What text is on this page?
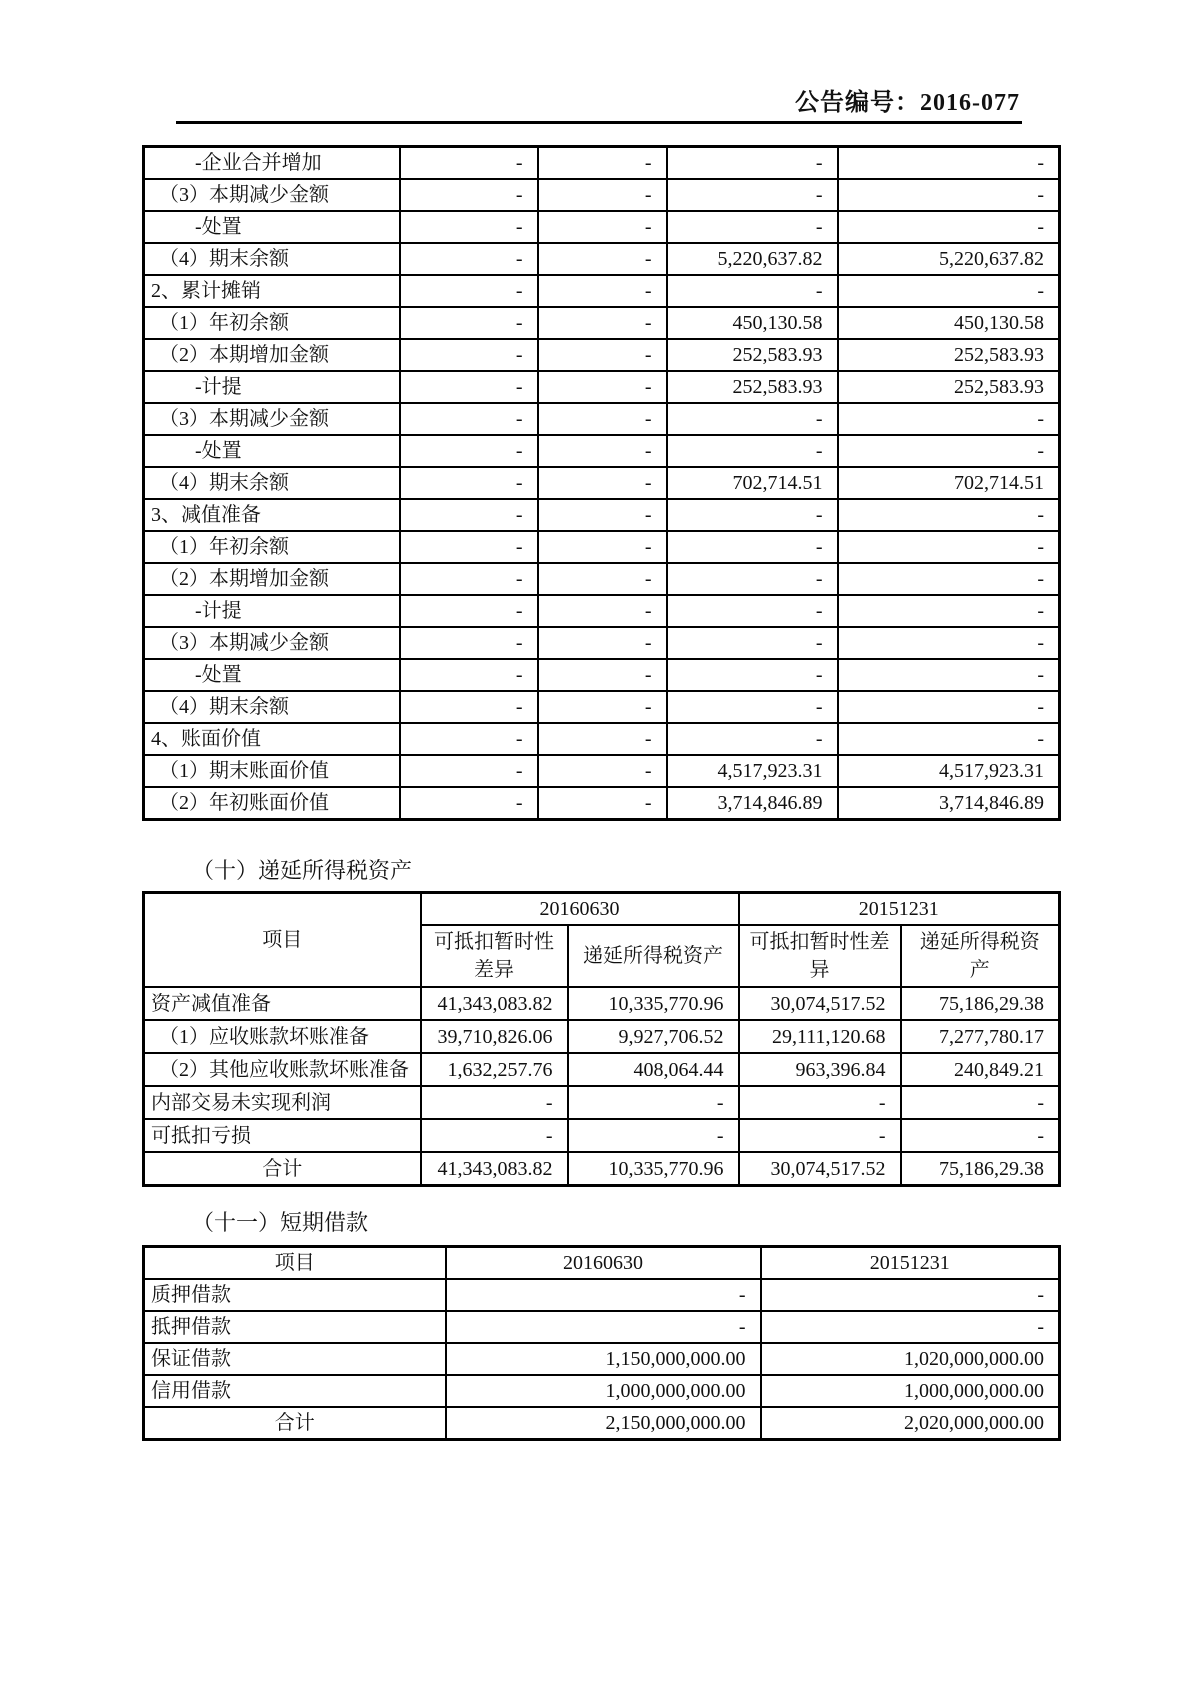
公告编号：2016-077
-企业合并增加	-	-	-	-
（3）本期减少金额	-	-	-	-
-处置	-	-	-	-
（4）期末余额	-	-	5,220,637.82	5,220,637.82
2、累计摊销	-	-	-	-
（1）年初余额	-	-	450,130.58	450,130.58
（2）本期增加金额	-	-	252,583.93	252,583.93
-计提	-	-	252,583.93	252,583.93
（3）本期减少金额	-	-	-	-
-处置	-	-	-	-
（4）期末余额	-	-	702,714.51	702,714.51
3、减值准备	-	-	-	-
（1）年初余额	-	-	-	-
（2）本期增加金额	-	-	-	-
-计提	-	-	-	-
（3）本期减少金额	-	-	-	-
-处置	-	-	-	-
（4）期末余额	-	-	-	-
4、账面价值	-	-	-	-
（1）期末账面价值	-	-	4,517,923.31	4,517,923.31
（2）年初账面价值	-	-	3,714,846.89	3,714,846.89
（十）递延所得税资产
项目	20160630		20151231	
	可抵扣暂时性差异	递延所得税资产	可抵扣暂时性差异	递延所得税资产
资产减值准备	41,343,083.82	10,335,770.96	30,074,517.52	75,186,29.38
（1）应收账款坏账准备	39,710,826.06	9,927,706.52	29,111,120.68	7,277,780.17
（2）其他应收账款坏账准备	1,632,257.76	408,064.44	963,396.84	240,849.21
内部交易未实现利润	-	-	-	-
可抵扣亏损	-	-	-	-
合计	41,343,083.82	10,335,770.96	30,074,517.52	75,186,29.38
（十一）短期借款
项目	20160630	20151231
质押借款	-	-
抵押借款	-	-
保证借款	1,150,000,000.00	1,020,000,000.00
信用借款	1,000,000,000.00	1,000,000,000.00
合计	2,150,000,000.00	2,020,000,000.00
